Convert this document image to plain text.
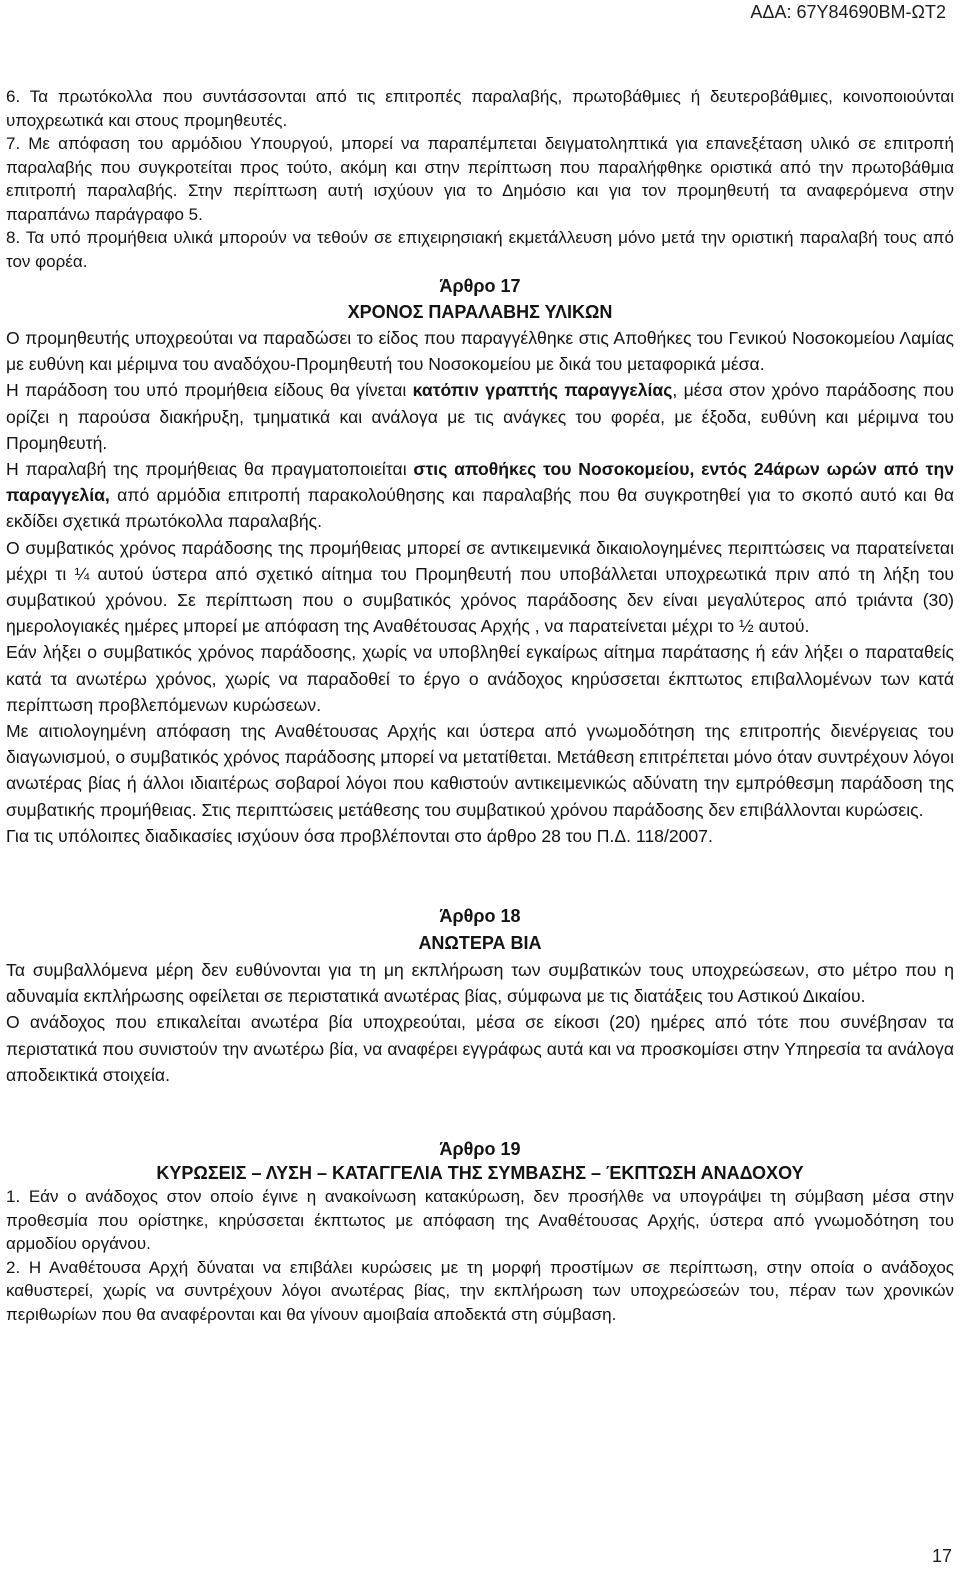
ΑΔΑ: 67Υ84690ΒΜ-ΩΤ2

6. Τα πρωτόκολλα που συντάσσονται από τις επιτροπές παραλαβής, πρωτοβάθμιες ή δευτεροβάθμιες, κοινοποιούνται υποχρεωτικά και στους προμηθευτές.

7. Με απόφαση του αρμόδιου Υπουργού, μπορεί να παραπέμπεται δειγματοληπτικά για επανεξέταση υλικό σε επιτροπή παραλαβής που συγκροτείται προς τούτο, ακόμη και στην περίπτωση που παραλήφθηκε οριστικά από την πρωτοβάθμια επιτροπή παραλαβής. Στην περίπτωση αυτή ισχύουν για το Δημόσιο και για τον προμηθευτή τα αναφερόμενα στην παραπάνω παράγραφο 5.

8. Τα υπό προμήθεια υλικά μπορούν να τεθούν σε επιχειρησιακή εκμετάλλευση μόνο μετά την οριστική παραλαβή τους από τον φορέα.

Άρθρο 17

ΧΡΟΝΟΣ ΠΑΡΑΛΑΒΗΣ ΥΛΙΚΩΝ

Ο προμηθευτής υποχρεούται να παραδώσει το είδος που παραγγέλθηκε στις Αποθήκες του Γενικού Νοσοκομείου Λαμίας με ευθύνη και μέριμνα του αναδόχου-Προμηθευτή του Νοσοκομείου με δικά του μεταφορικά μέσα.

Η παράδοση του υπό προμήθεια είδους θα γίνεται κατόπιν γραπτής παραγγελίας, μέσα στον χρόνο παράδοσης που ορίζει η παρούσα διακήρυξη, τμηματικά και ανάλογα με τις ανάγκες του φορέα, με έξοδα, ευθύνη και μέριμνα του Προμηθευτή.

Η παραλαβή της προμήθειας θα πραγματοποιείται στις αποθήκες του Νοσοκομείου, εντός 24άρων ωρών από την παραγγελία, από αρμόδια επιτροπή παρακολούθησης και παραλαβής που θα συγκροτηθεί για το σκοπό αυτό και θα εκδίδει σχετικά πρωτόκολλα παραλαβής.

Ο συμβατικός χρόνος παράδοσης της προμήθειας μπορεί σε αντικειμενικά δικαιολογημένες περιπτώσεις να παρατείνεται μέχρι τι ¼ αυτού ύστερα από σχετικό αίτημα του Προμηθευτή που υποβάλλεται υποχρεωτικά πριν από τη λήξη του συμβατικού χρόνου. Σε περίπτωση που ο συμβατικός χρόνος παράδοσης δεν είναι μεγαλύτερος από τριάντα (30) ημερολογιακές ημέρες μπορεί με απόφαση της Αναθέτουσας Αρχής , να παρατείνεται μέχρι το ½ αυτού.

Εάν λήξει ο συμβατικός χρόνος παράδοσης, χωρίς να υποβληθεί εγκαίρως αίτημα παράτασης ή εάν λήξει ο παραταθείς κατά τα ανωτέρω χρόνος, χωρίς να παραδοθεί το έργο ο ανάδοχος κηρύσσεται έκπτωτος επιβαλλομένων των κατά περίπτωση προβλεπόμενων κυρώσεων.

Με αιτιολογημένη απόφαση της Αναθέτουσας Αρχής και ύστερα από γνωμοδότηση της επιτροπής διενέργειας του διαγωνισμού, ο συμβατικός χρόνος παράδοσης μπορεί να μετατίθεται. Μετάθεση επιτρέπεται μόνο όταν συντρέχουν λόγοι ανωτέρας βίας ή άλλοι ιδιαιτέρως σοβαροί λόγοι που καθιστούν αντικειμενικώς αδύνατη την εμπρόθεσμη παράδοση της συμβατικής προμήθειας. Στις περιπτώσεις μετάθεσης του συμβατικού χρόνου παράδοσης δεν επιβάλλονται κυρώσεις.

Για τις υπόλοιπες διαδικασίες ισχύουν όσα προβλέπονται στο άρθρο 28 του Π.Δ. 118/2007.

Άρθρο 18

ΑΝΩΤΕΡΑ ΒΙΑ

Τα συμβαλλόμενα μέρη δεν ευθύνονται για τη μη εκπλήρωση των συμβατικών τους υποχρεώσεων, στο μέτρο που η αδυναμία εκπλήρωσης οφείλεται σε περιστατικά ανωτέρας βίας, σύμφωνα με τις διατάξεις του Αστικού Δικαίου.

Ο ανάδοχος που επικαλείται ανωτέρα βία υποχρεούται, μέσα σε είκοσι (20) ημέρες από τότε που συνέβησαν τα περιστατικά που συνιστούν την ανωτέρω βία, να αναφέρει εγγράφως αυτά και να προσκομίσει στην Υπηρεσία τα ανάλογα αποδεικτικά στοιχεία.

Άρθρο 19

ΚΥΡΩΣΕΙΣ – ΛΥΣΗ – ΚΑΤΑΓΓΕΛΙΑ ΤΗΣ ΣΥΜΒΑΣΗΣ – ΈΚΠΤΩΣΗ ΑΝΑΔΟΧΟΥ

1. Εάν ο ανάδοχος στον οποίο έγινε η ανακοίνωση κατακύρωση, δεν προσήλθε να υπογράψει τη σύμβαση μέσα στην προθεσμία που ορίστηκε, κηρύσσεται έκπτωτος με απόφαση της Αναθέτουσας Αρχής, ύστερα από γνωμοδότηση του αρμοδίου οργάνου.

2. Η Αναθέτουσα Αρχή δύναται να επιβάλει κυρώσεις με τη μορφή προστίμων σε περίπτωση, στην οποία ο ανάδοχος καθυστερεί, χωρίς να συντρέχουν λόγοι ανωτέρας βίας, την εκπλήρωση των υποχρεώσεών του, πέραν των χρονικών περιθωρίων που θα αναφέρονται και θα γίνουν αμοιβαία αποδεκτά στη σύμβαση.

17
